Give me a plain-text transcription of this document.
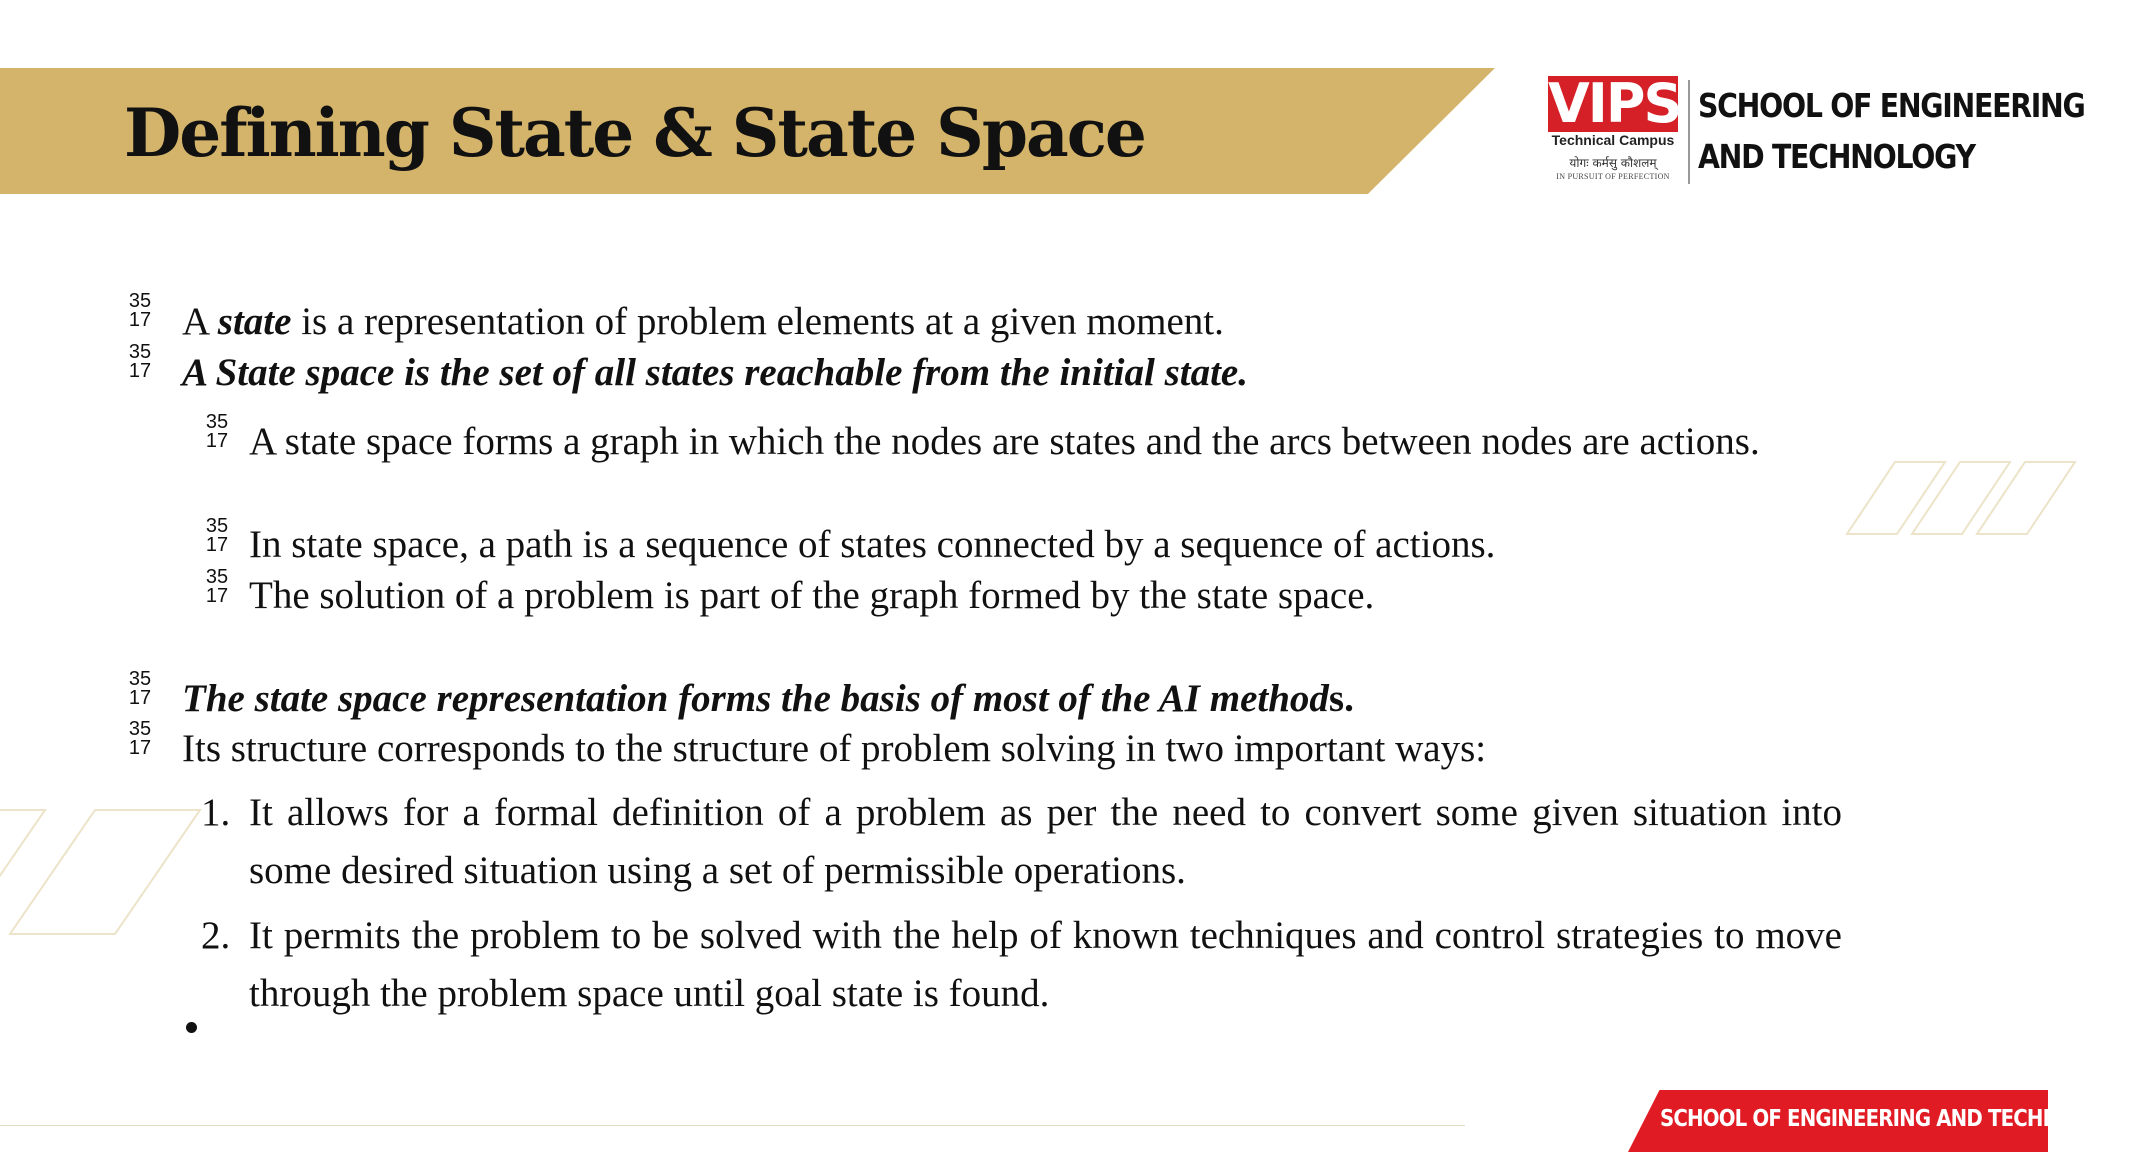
Defining State & State Space	VIPS
Technical Campus
योगः कर्मसु कौशलम्
IN PURSUIT OF PERFECTION
SCHOOL OF ENGINEERING
AND TECHNOLOGY
35
17 A state is a representation of problem elements at a given moment.

35
17 A State space is the set of all states reachable from the initial state.

35
17 A state space forms a graph in which the nodes are states and the arcs between nodes are actions.

35
17 In state space, a path is a sequence of states connected by a sequence of actions.

35
17 The solution of a problem is part of the graph formed by the state space.

35
17 The state space representation forms the basis of most of the AI methods.

35
17 Its structure corresponds to the structure of problem solving in two important ways:

1. It allows for a formal definition of a problem as per the need to convert some given situation into some desired situation using a set of permissible operations.

2. It permits the problem to be solved with the help of known techniques and control strategies to move through the problem space until goal state is found.

SCHOOL OF ENGINEERING AND TECHNOLOGY
